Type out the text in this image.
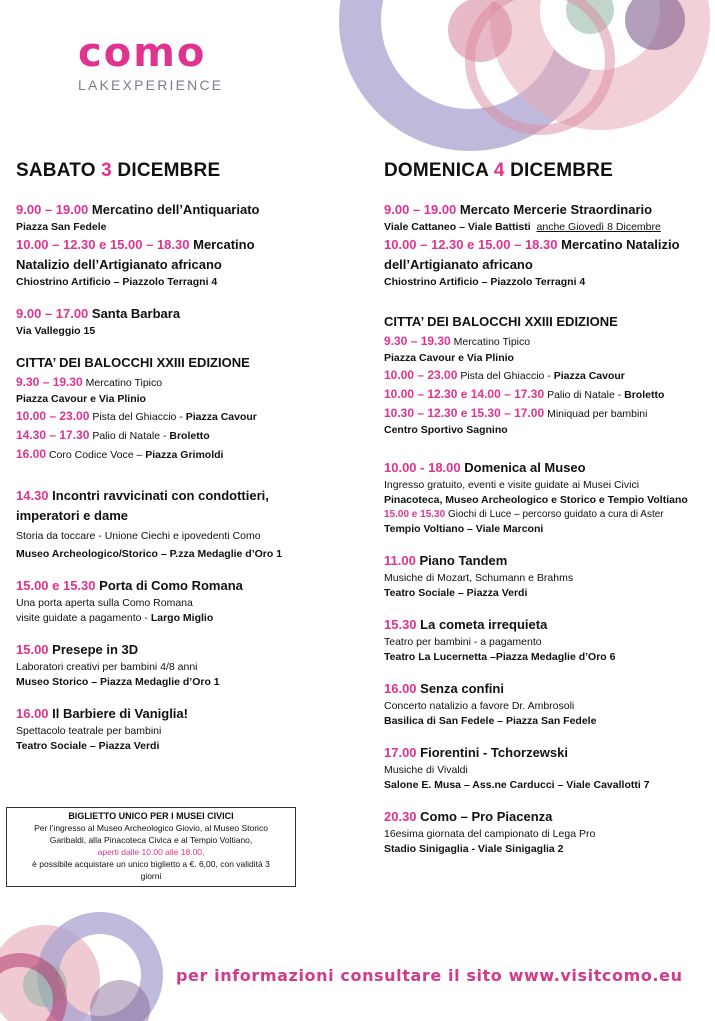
como
LAKEXPERIENCE
SABATO 3 DICEMBRE
9.00 – 19.00 Mercatino dell’Antiquariato
Piazza San Fedele
10.00 – 12.30 e 15.00 – 18.30 Mercatino
Natalizio dell’Artigianato africano
Chiostrino Artificio – Piazzolo Terragni 4
9.00 – 17.00 Santa Barbara
Via Valleggio 15
CITTA’ DEI BALOCCHI XXIII EDIZIONE
9.30 – 19.30 Mercatino Tipico
Piazza Cavour e Via Plinio
10.00 – 23.00 Pista del Ghiaccio - Piazza Cavour
14.30 – 17.30 Palio di Natale - Broletto
16.00 Coro Codice Voce – Piazza Grimoldi
14.30 Incontri ravvicinati con condottieri,
imperatori e dame
Storia da toccare - Unione Ciechi e ipovedenti Como
Museo Archeologico/Storico – P.zza Medaglie d’Oro 1
15.00 e 15.30 Porta di Como Romana
Una porta aperta sulla Como Romana
visite guidate a pagamento - Largo Miglio
15.00 Presepe in 3D
Laboratori creativi per bambini 4/8 anni
Museo Storico – Piazza Medaglie d’Oro 1
16.00 Il Barbiere di Vaniglia!
Spettacolo teatrale per bambini
Teatro Sociale – Piazza Verdi
BIGLIETTO UNICO PER I MUSEI CIVICI
Per l’ingresso al Museo Archeologico Giovio, al Museo Storico
Garibaldi, alla Pinacoteca Civica e al Tempio Voltiano,
aperti dalle 10.00 alle 18.00,
è possibile acquistare un unico biglietto a €. 6,00, con validità 3
giorni
DOMENICA 4 DICEMBRE
9.00 – 19.00 Mercato Mercerie Straordinario
Viale Cattaneo – Viale Battisti anche Giovedì 8 Dicembre
10.00 – 12.30 e 15.00 – 18.30 Mercatino Natalizio
dell’Artigianato africano
Chiostrino Artificio – Piazzolo Terragni 4
CITTA’ DEI BALOCCHI XXIII EDIZIONE
9.30 – 19.30 Mercatino Tipico
Piazza Cavour e Via Plinio
10.00 – 23.00 Pista del Ghiaccio - Piazza Cavour
10.00 – 12.30 e 14.00 – 17.30 Palio di Natale - Broletto
10.30 – 12.30 e 15.30 – 17.00 Miniquad per bambini
Centro Sportivo Sagnino
10.00 - 18.00 Domenica al Museo
Ingresso gratuito, eventi e visite guidate ai Musei Civici
Pinacoteca, Museo Archeologico e Storico e Tempio Voltiano
15.00 e 15.30 Giochi di Luce – percorso guidato a cura di Aster
Tempio Voltiano – Viale Marconi
11.00 Piano Tandem
Musiche di Mozart, Schumann e Brahms
Teatro Sociale – Piazza Verdi
15.30 La cometa irrequieta
Teatro per bambini - a pagamento
Teatro La Lucernetta –Piazza Medaglie d’Oro 6
16.00 Senza confini
Concerto natalizio a favore Dr. Ambrosoli
Basilica di San Fedele – Piazza San Fedele
17.00 Fiorentini - Tchorzewski
Musiche di Vivaldi
Salone E. Musa – Ass.ne Carducci – Viale Cavallotti 7
20.30 Como – Pro Piacenza
16esima giornata del campionato di Lega Pro
Stadio Sinigaglia - Viale Sinigaglia 2
per informazioni consultare il sito www.visitcomo.eu
